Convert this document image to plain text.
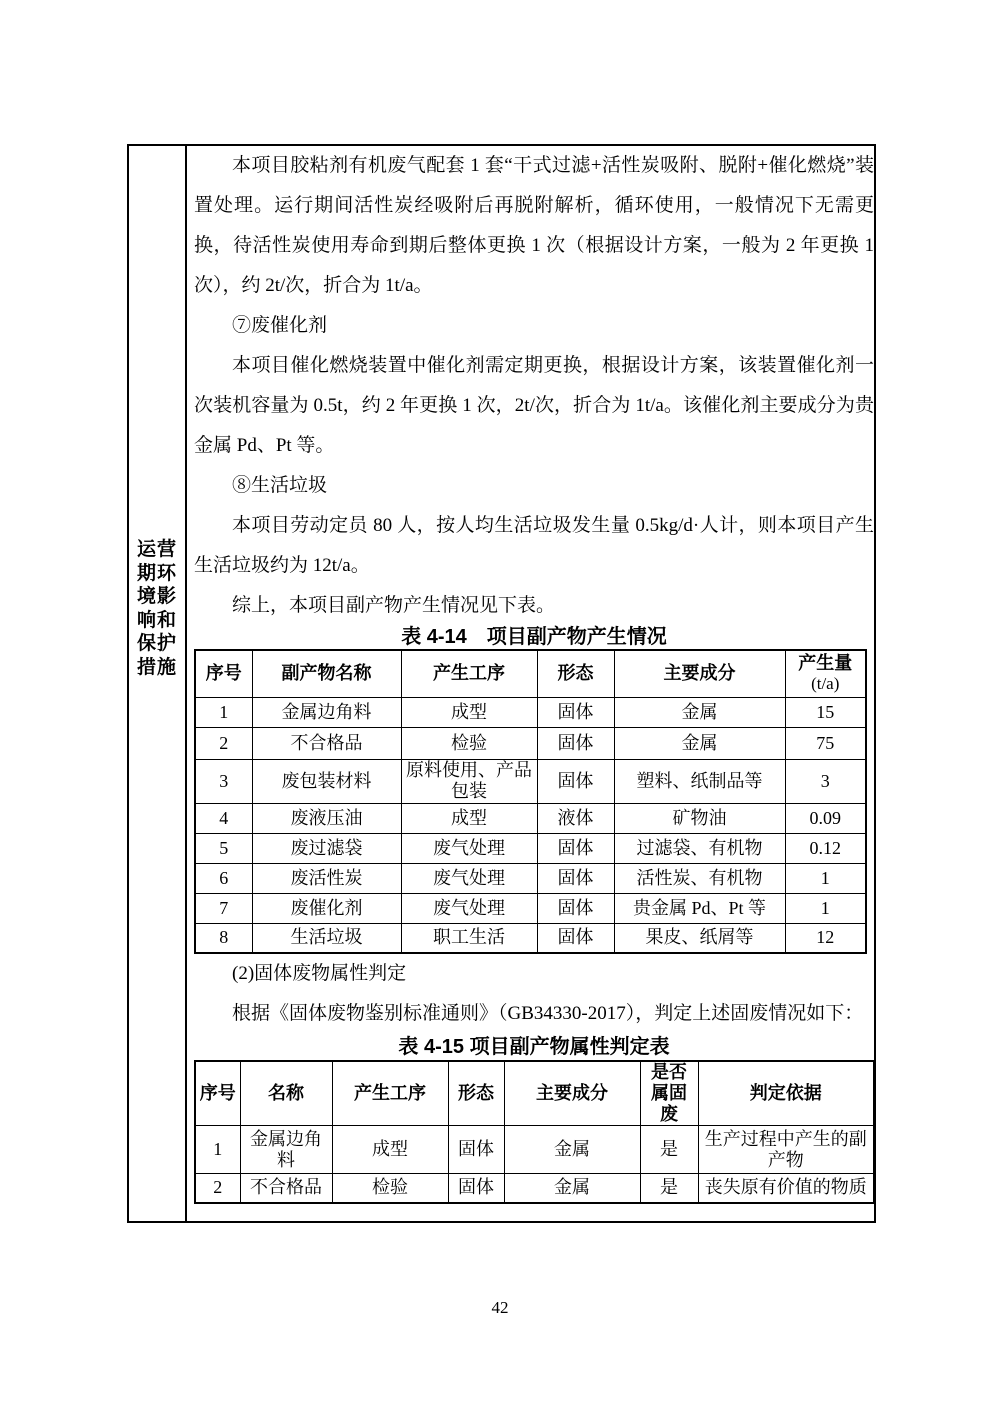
运营期环境影响和保护措施

本项目胶粘剂有机废气配套 1 套“干式过滤+活性炭吸附、脱附+催化燃烧”装置处理。运行期间活性炭经吸附后再脱附解析，循环使用，一般情况下无需更换，待活性炭使用寿命到期后整体更换 1 次（根据设计方案，一般为 2 年更换 1 次），约 2t/次，折合为 1t/a。

⑦废催化剂

本项目催化燃烧装置中催化剂需定期更换，根据设计方案，该装置催化剂一次装机容量为 0.5t，约 2 年更换 1 次，2t/次，折合为 1t/a。该催化剂主要成分为贵金属 Pd、Pt 等。

⑧生活垃圾

本项目劳动定员 80 人，按人均生活垃圾发生量 0.5kg/d·人计，则本项目产生生活垃圾约为 12t/a。

综上，本项目副产物产生情况见下表。

表 4-14　项目副产物产生情况

序号	副产物名称	产生工序	形态	主要成分	产生量
(t/a)

1	金属边角料	成型	固体	金属	15
2	不合格品	检验	固体	金属	75
3	废包装材料	原料使用、产品包装	固体	塑料、纸制品等	3
4	废液压油	成型	液体	矿物油	0.09
5	废过滤袋	废气处理	固体	过滤袋、有机物	0.12
6	废活性炭	废气处理	固体	活性炭、有机物	1
7	废催化剂	废气处理	固体	贵金属 Pd、Pt 等	1
8	生活垃圾	职工生活	固体	果皮、纸屑等	12

(2)固体废物属性判定

根据《固体废物鉴别标准通则》（GB34330-2017），判定上述固废情况如下：

表 4-15 项目副产物属性判定表

序号	名称	产生工序	形态	主要成分	是否属固废	判定依据
1	金属边角料	成型	固体	金属	是	生产过程中产生的副产物
2	不合格品	检验	固体	金属	是	丧失原有价值的物质
42
